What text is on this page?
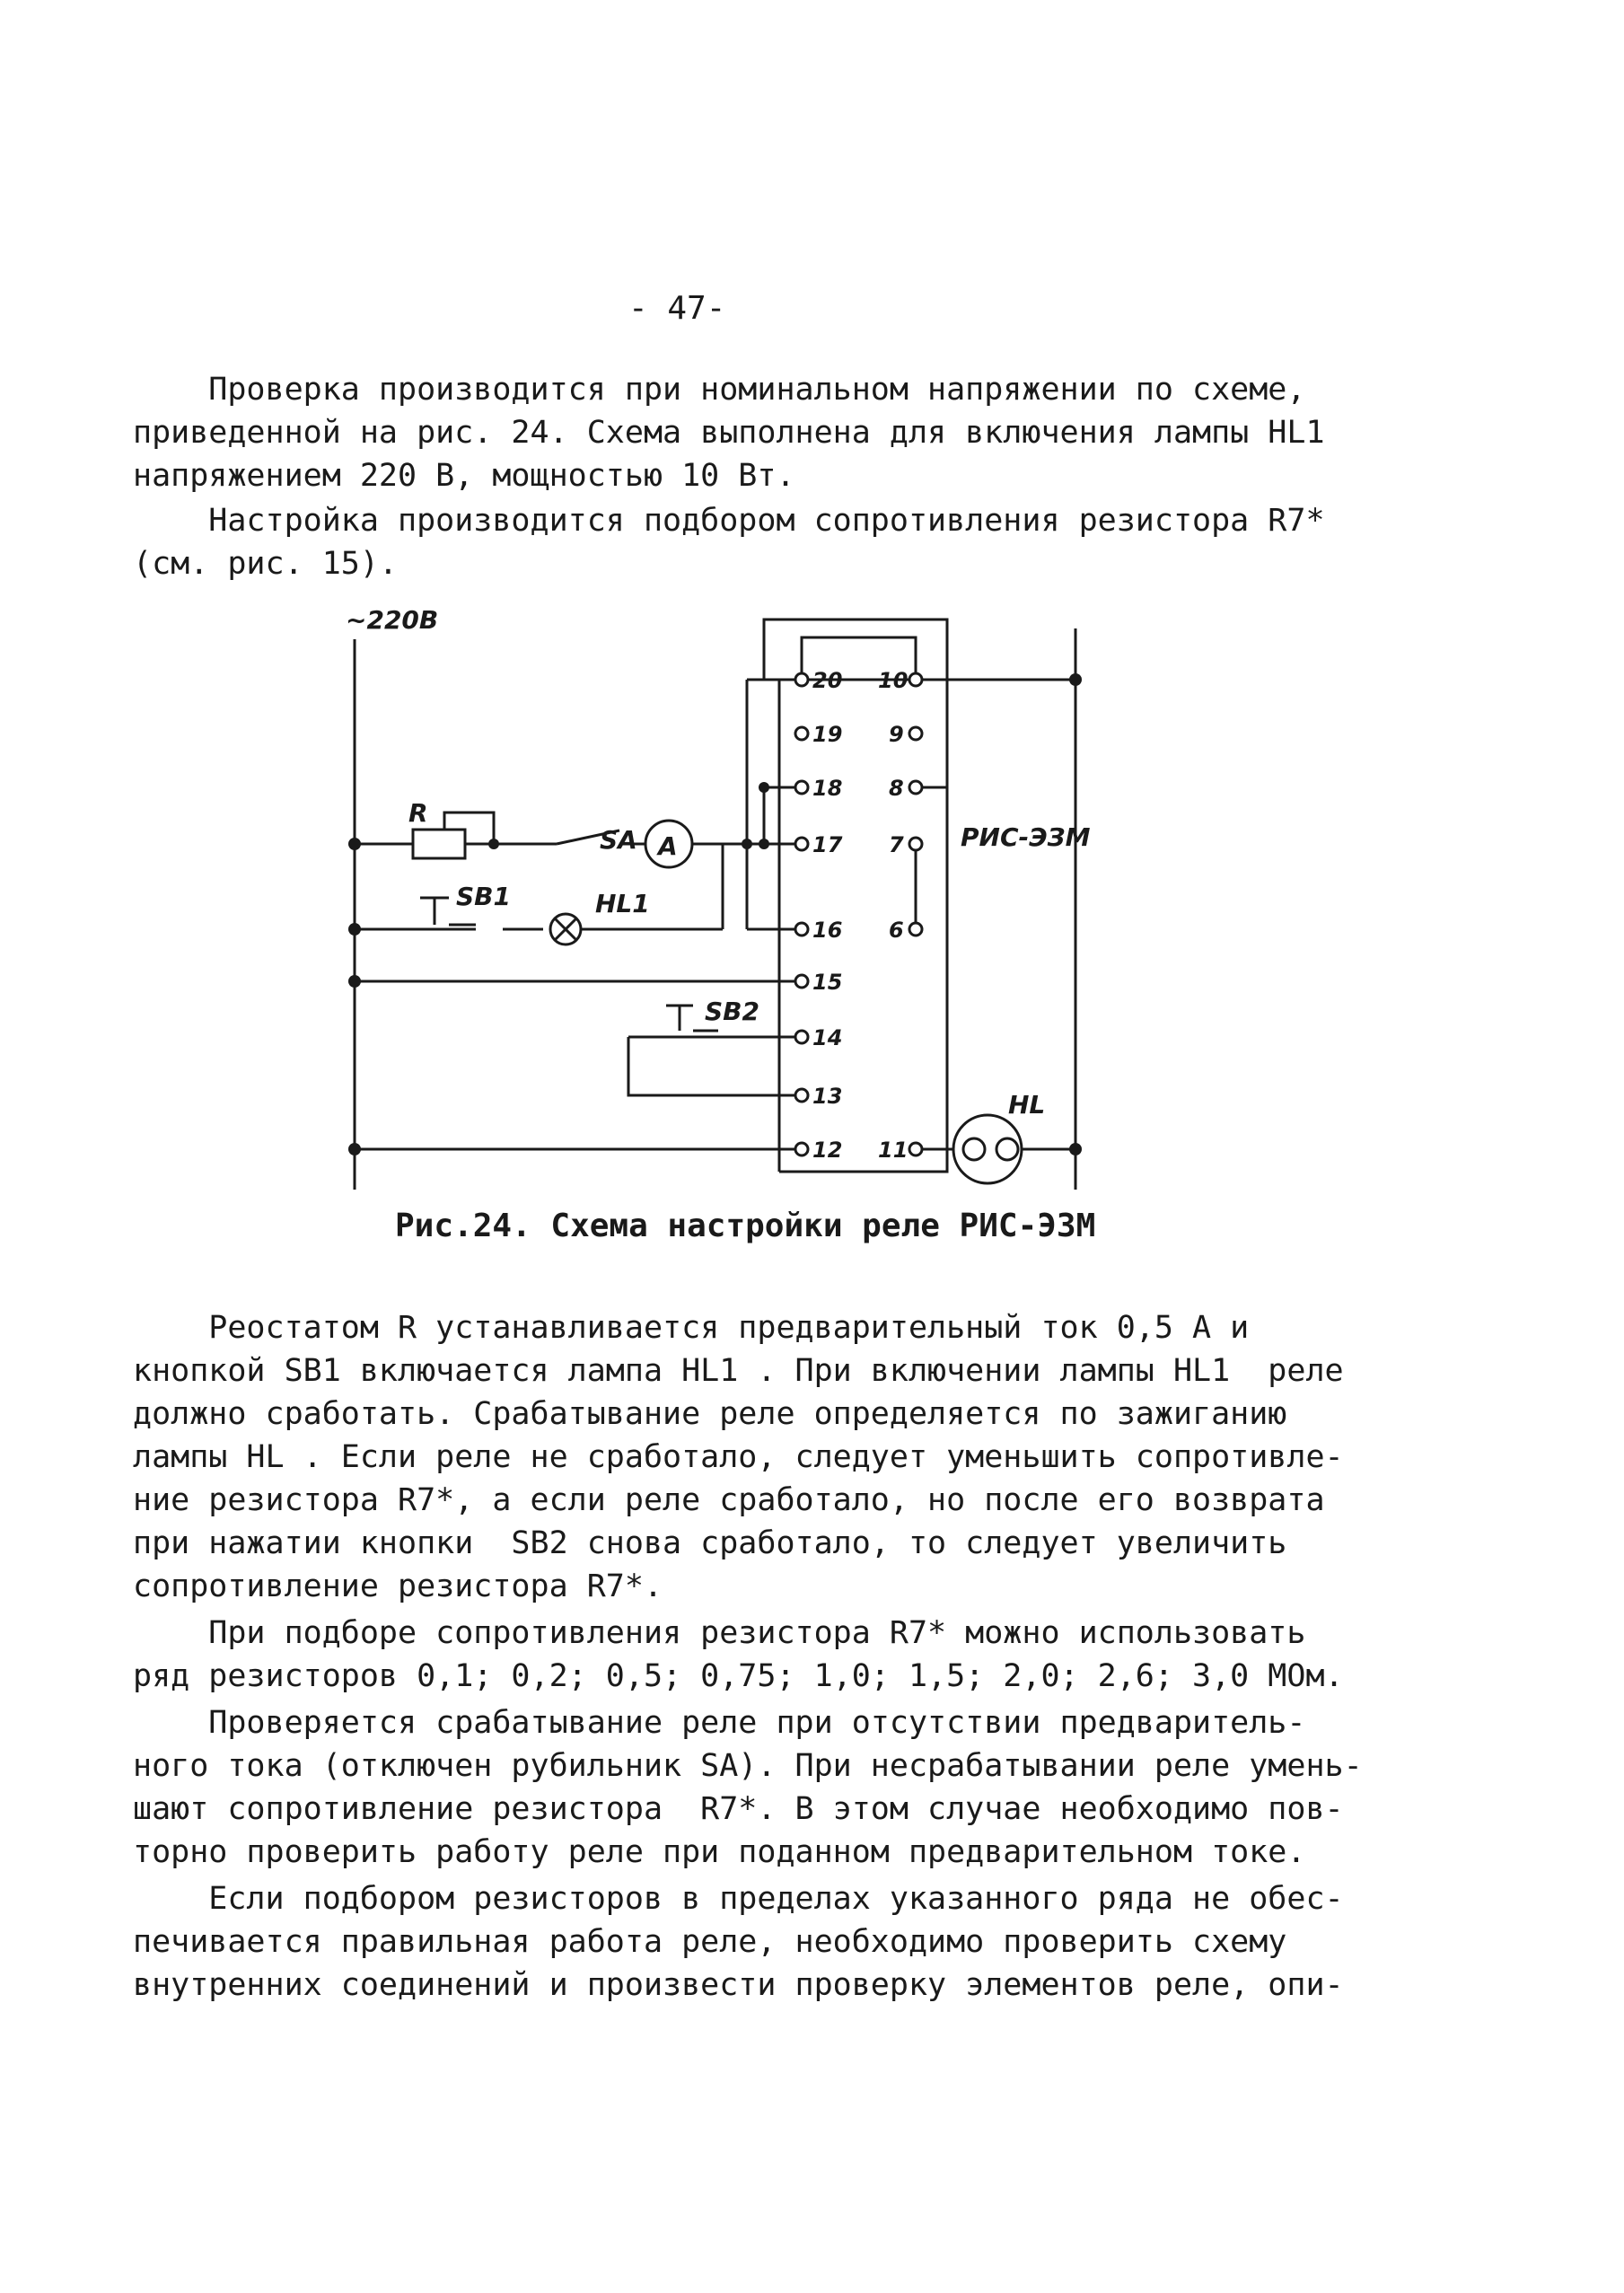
- 47-
Проверка производится при номинальном напряжении по схеме,
приведенной на рис. 24. Схема выполнена для включения лампы HL1
напряжением 220 В, мощностью 10 Вт.
Настройка производится подбором сопротивления резистора R7*
(см. рис. 15).
~220В
РИС-ЭЗМ
R
SA A
SB1	HL1
SB2
HL
20
19
18
17
16
15
14
13
12
10
9
8
7
6
11
Рис.24. Схема настройки реле РИС-ЭЗМ
Реостатом R устанавливается предварительный ток 0,5 А и
кнопкой SB1 включается лампа HL1 . При включении лампы HL1  реле
должно сработать. Срабатывание реле определяется по зажиганию
лампы HL . Если реле не сработало, следует уменьшить сопротивле-
ние резистора R7*, а если реле сработало, но после его возврата
при нажатии кнопки  SB2 снова сработало, то следует увеличить
сопротивление резистора R7*.
При подборе сопротивления резистора R7* можно использовать
ряд резисторов 0,1; 0,2; 0,5; 0,75; 1,0; 1,5; 2,0; 2,6; 3,0 МОм.
Проверяется срабатывание реле при отсутствии предваритель-
ного тока (отключен рубильник SA). При несрабатывании реле умень-
шают сопротивление резистора  R7*. В этом случае необходимо пов-
торно проверить работу реле при поданном предварительном токе.
Если подбором резисторов в пределах указанного ряда не обес-
печивается правильная работа реле, необходимо проверить схему
внутренних соединений и произвести проверку элементов реле, опи-
